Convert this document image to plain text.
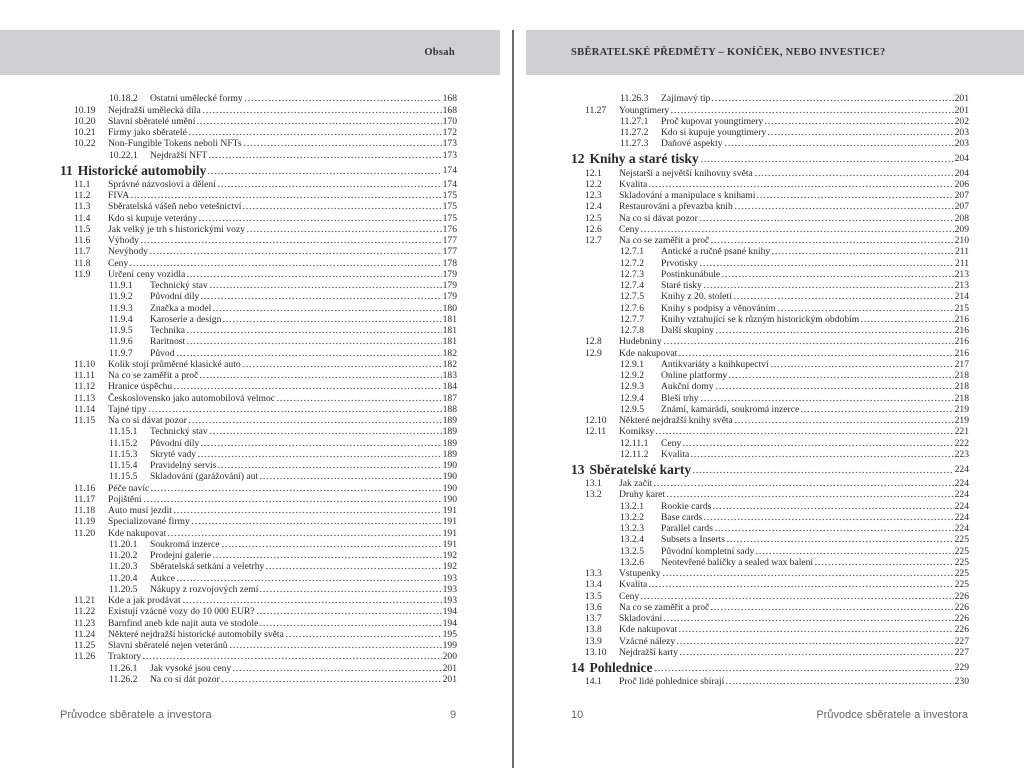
Obsah	SBĚRATELSKÉ PŘEDMĚTY – KONÍČEK, NEBO INVESTICE?
10.18.2	Ostatní umělecké formy	168
10.19	Nejdražší umělecká díla	168
10.20	Slavní sběratelé umění	170
10.21	Firmy jako sběratelé	172
10.22	Non-Fungible Tokens neboli NFTs	173
10.22.1	Nejdražší NFT	173
11 Historické automobily	174
11.1	Správné názvosloví a dělení	174
11.2	FIVA	175
11.3	Sběratelská vášeň nebo vetešnictví	175
11.4	Kdo si kupuje veterány	175
11.5	Jak velký je trh s historickými vozy	176
11.6	Výhody	177
11.7	Nevýhody	177
11.8	Ceny	178
11.9	Určení ceny vozidla	179
11.9.1	Technický stav	179
11.9.2	Původní díly	179
11.9.3	Značka a model	180
11.9.4	Karoserie a design	181
11.9.5	Technika	181
11.9.6	Raritnost	181
11.9.7	Původ	182
11.10	Kolik stojí průměrné klasické auto	182
11.11	Na co se zaměřit a proč	183
11.12	Hranice úspěchu	184
11.13	Československo jako automobilová velmoc	187
11.14	Tajné tipy	188
11.15	Na co si dávat pozor	189
11.15.1	Technický stav	189
11.15.2	Původní díly	189
11.15.3	Skryté vady	189
11.15.4	Pravidelný servis	190
11.15.5	Skladování (garážování) aut	190
11.16	Péče navíc	190
11.17	Pojištění	190
11.18	Auto musí jezdit	191
11.19	Specializované firmy	191
11.20	Kde nakupovat	191
11.20.1	Soukromá inzerce	191
11.20.2	Prodejní galerie	192
11.20.3	Sběratelská setkání a veletrhy	192
11.20.4	Aukce	193
11.20.5	Nákupy z rozvojových zemí	193
11.21	Kde a jak prodávat	193
11.22	Existují vzácné vozy do 10 000 EUR?	194
11.23	Barnfind aneb kde najít auta ve stodole	194
11.24	Některé nejdražší historické automobily světa	195
11.25	Slavní sběratelé nejen veteránů	199
11.26	Traktory	200
11.26.1	Jak vysoké jsou ceny	201
11.26.2	Na co si dát pozor	201
11.26.3	Zajímavý tip	201
11.27	Youngtimery	201
11.27.1	Proč kupovat youngtimery	202
11.27.2	Kdo si kupuje youngtimery	203
11.27.3	Daňové aspekty	203
12 Knihy a staré tisky	204
12.1	Nejstarší a největší knihovny světa	204
12.2	Kvalita	206
12.3	Skladování a manipulace s knihami	207
12.4	Restaurování a převazba knih	207
12.5	Na co si dávat pozor	208
12.6	Ceny	209
12.7	Na co se zaměřit a proč	210
12.7.1	Antické a ručně psané knihy	211
12.7.2	Prvotisky	211
12.7.3	Postinkunábule	213
12.7.4	Staré tisky	213
12.7.5	Knihy z 20. století	214
12.7.6	Knihy s podpisy a věnováním	215
12.7.7	Knihy vztahující se k různým historickým obdobím	216
12.7.8	Další skupiny	216
12.8	Hudebniny	216
12.9	Kde nakupovat	216
12.9.1	Antikvariáty a knihkupectví	217
12.9.2	Online platformy	218
12.9.3	Aukční domy	218
12.9.4	Bleší trhy	218
12.9.5	Známí, kamarádi, soukromá inzerce	219
12.10	Některé nejdražší knihy světa	219
12.11	Komiksy	221
12.11.1	Ceny	222
12.11.2	Kvalita	223
13 Sběratelské karty	224
13.1	Jak začít	224
13.2	Druhy karet	224
13.2.1	Rookie cards	224
13.2.2	Base cards	224
13.2.3	Parallel cards	224
13.2.4	Subsets a Inserts	225
13.2.5	Původní kompletní sady	225
13.2.6	Neotevřené balíčky a sealed wax balení	225
13.3	Vstupenky	225
13.4	Kvalita	225
13.5	Ceny	226
13.6	Na co se zaměřit a proč	226
13.7	Skladování	226
13.8	Kde nakupovat	226
13.9	Vzácné nálezy	227
13.10	Nejdražší karty	227
14 Pohlednice	229
14.1	Proč lidé pohlednice sbírají	230
Průvodce sběratele a investora	9	10	Průvodce sběratele a investora
